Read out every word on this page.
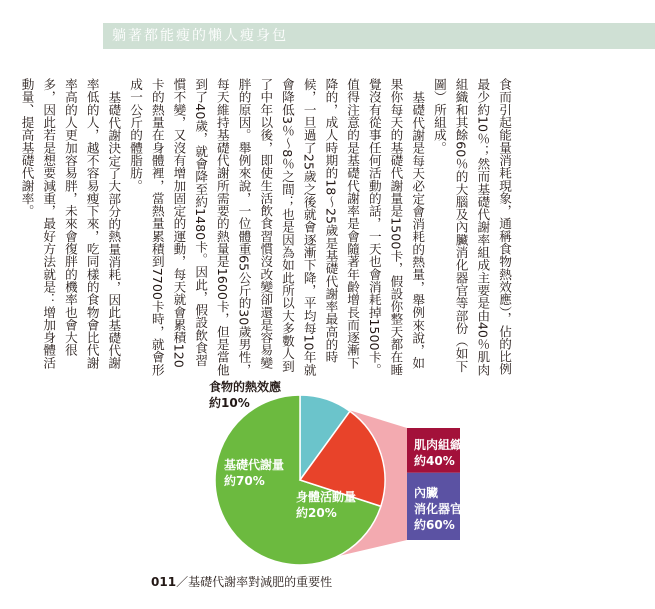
躺著都能瘦的懶人瘦身包

食而引起能量消耗現象，通稱食物熱效應），佔的比例最少約10％；然而基礎代謝率組成主要是由40％肌肉組織和其餘60％的大腦及內臟消化器官等部份（如下圖）所組成。

基礎代謝是每天必定會消耗的熱量，舉例來說，如果你每天的基礎代謝量是1500卡，假設你整天都在睡覺沒有從事任何活動的話，一天也會消耗掉1500卡。值得注意的是基礎代謝率是會隨著年齡增長而逐漸下降的，成人時期的18～25歲是基礎代謝率最高的時候，一旦過了25歲之後就會逐漸下降，平均每10年就會降低3％～8％之間；也是因為如此所以大多數人到了中年以後，即使生活飲食習慣沒改變卻還是容易變胖的原因。舉例來說，一位體重65公斤的30歲男性，每天維持基礎代謝所需要的熱量是1600卡，但是當他到了40歲，就會降至約1480卡。因此，假設飲食習慣不變，又沒有增加固定的運動，每天就會累積120卡的熱量在身體裡，當熱量累積到7700卡時，就會形成一公斤的體脂肪。

基礎代謝決定了大部分的熱量消耗，因此基礎代謝率低的人，越不容易瘦下來，吃同樣的食物會比代謝率高的人更加容易胖，未來會復胖的機率也會大很多，因此若是想要減重，最好方法就是：增加身體活動量、提高基礎代謝率。

食物的熱效應
約10%
基礎代謝量
約70%
身體活動量
約20%
肌肉組織
約40%
內臟
消化器官
約60%
011／基礎代謝率對減肥的重要性
